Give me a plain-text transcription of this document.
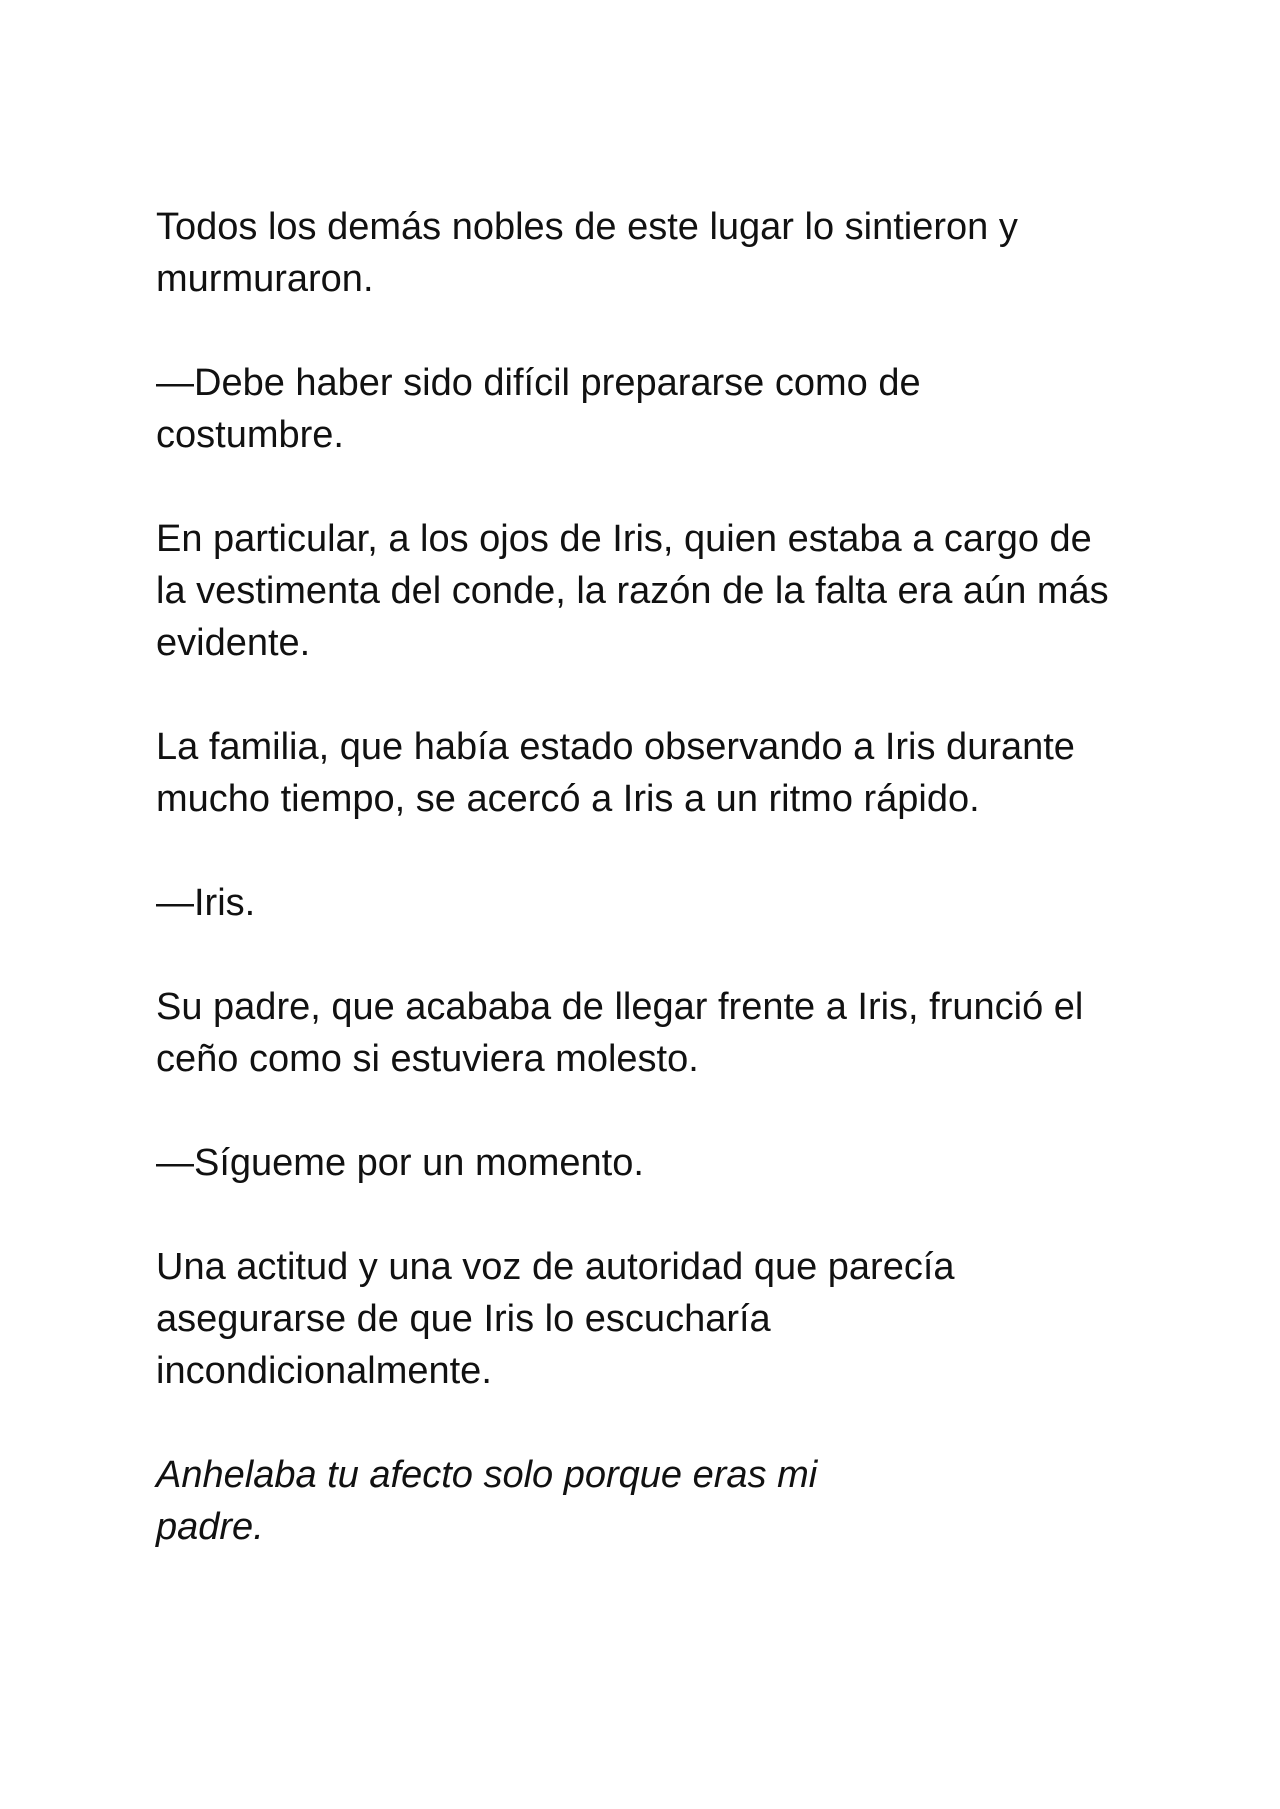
Todos los demás nobles de este lugar lo sintieron y
murmuraron.

—Debe haber sido difícil prepararse como de
costumbre.

En particular, a los ojos de Iris, quien estaba a cargo de
la vestimenta del conde, la razón de la falta era aún más
evidente.

La familia, que había estado observando a Iris durante
mucho tiempo, se acercó a Iris a un ritmo rápido.

—Iris.

Su padre, que acababa de llegar frente a Iris, frunció el
ceño como si estuviera molesto.

—Sígueme por un momento.

Una actitud y una voz de autoridad que parecía
asegurarse de que Iris lo escucharía
incondicionalmente.

Anhelaba tu afecto solo porque eras mi
padre.
